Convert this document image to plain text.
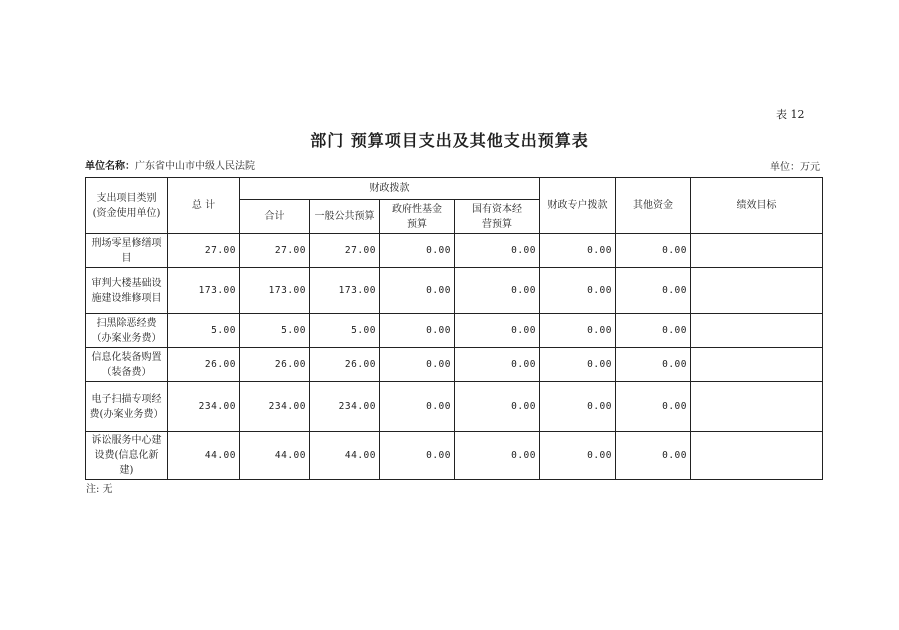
表 12
部门 预算项目支出及其他支出预算表
单位名称：广东省中山市中级人民法院	单位：万元
支出项目类别(资金使用单位)	总 计	财政拨款				财政专户拨款	其他资金	绩效目标
		合计	一般公共预算	政府性基金预算	国有资本经营预算			
刑场零星修缮项目	27.00	27.00	27.00	0.00	0.00	0.00	0.00	
审判大楼基础设施建设维修项目	173.00	173.00	173.00	0.00	0.00	0.00	0.00	
扫黑除恶经费（办案业务费）	5.00	5.00	5.00	0.00	0.00	0.00	0.00	
信息化装备购置（装备费）	26.00	26.00	26.00	0.00	0.00	0.00	0.00	
电子扫描专项经费(办案业务费）	234.00	234.00	234.00	0.00	0.00	0.00	0.00	
诉讼服务中心建设费(信息化新建)	44.00	44.00	44.00	0.00	0.00	0.00	0.00	
注: 无
